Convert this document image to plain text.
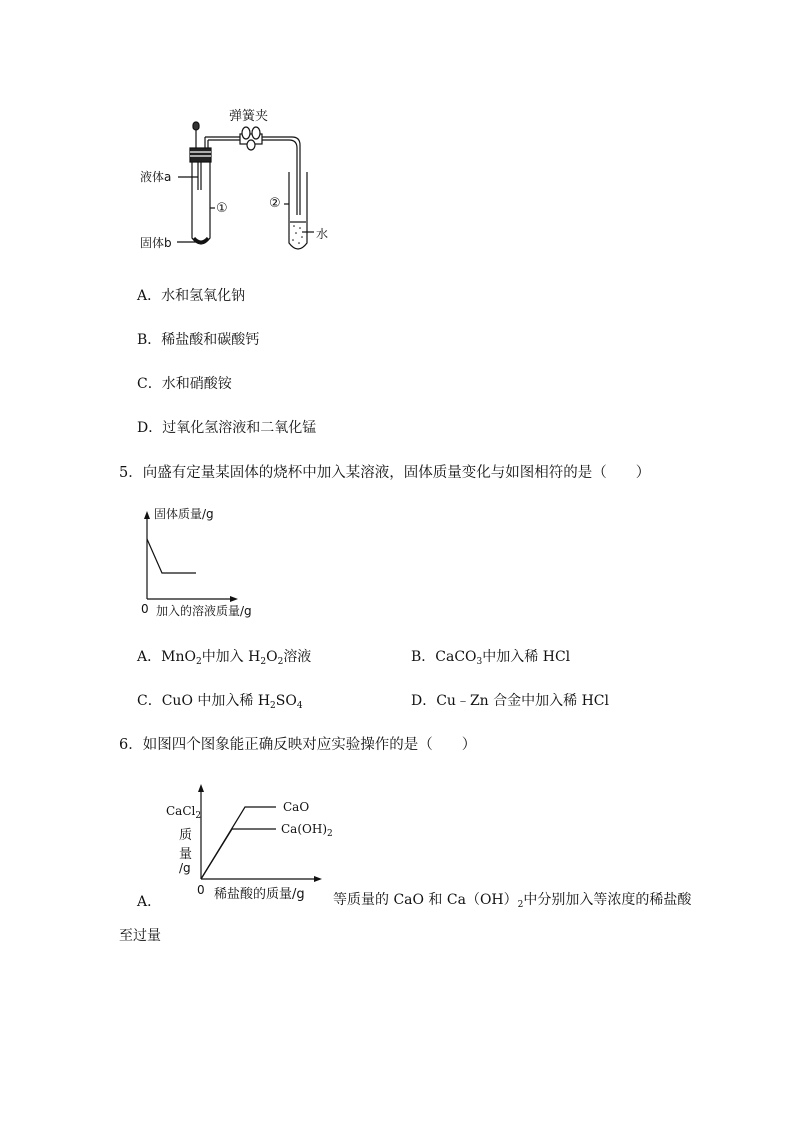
弹簧夹
液体a
固体b
①	②
水
A．水和氢氧化钠
B．稀盐酸和碳酸钙
C．水和硝酸铵
D．过氧化氢溶液和二氧化锰
5．向盛有定量某固体的烧杯中加入某溶液，固体质量变化与如图相符的是（　　）
固体质量/g
0 加入的溶液质量/g
A．MnO$_2$中加入 $H_2O_2$溶液	B．CaCO$_3$中加入稀 HCl
C．CuO 中加入稀 $H_2SO_4$	D．Cu﹣Zn 合金中加入稀 HCl
6．如图四个图象能正确反映对应实验操作的是（　　）
CaCl$_2$
质
量
/g
CaO
$Ca(OH)_2$
0 稀盐酸的质量/g
A．	等质量的 CaO 和 $Ca(OH)_2$中分别加入等浓度的稀盐酸
至过量
